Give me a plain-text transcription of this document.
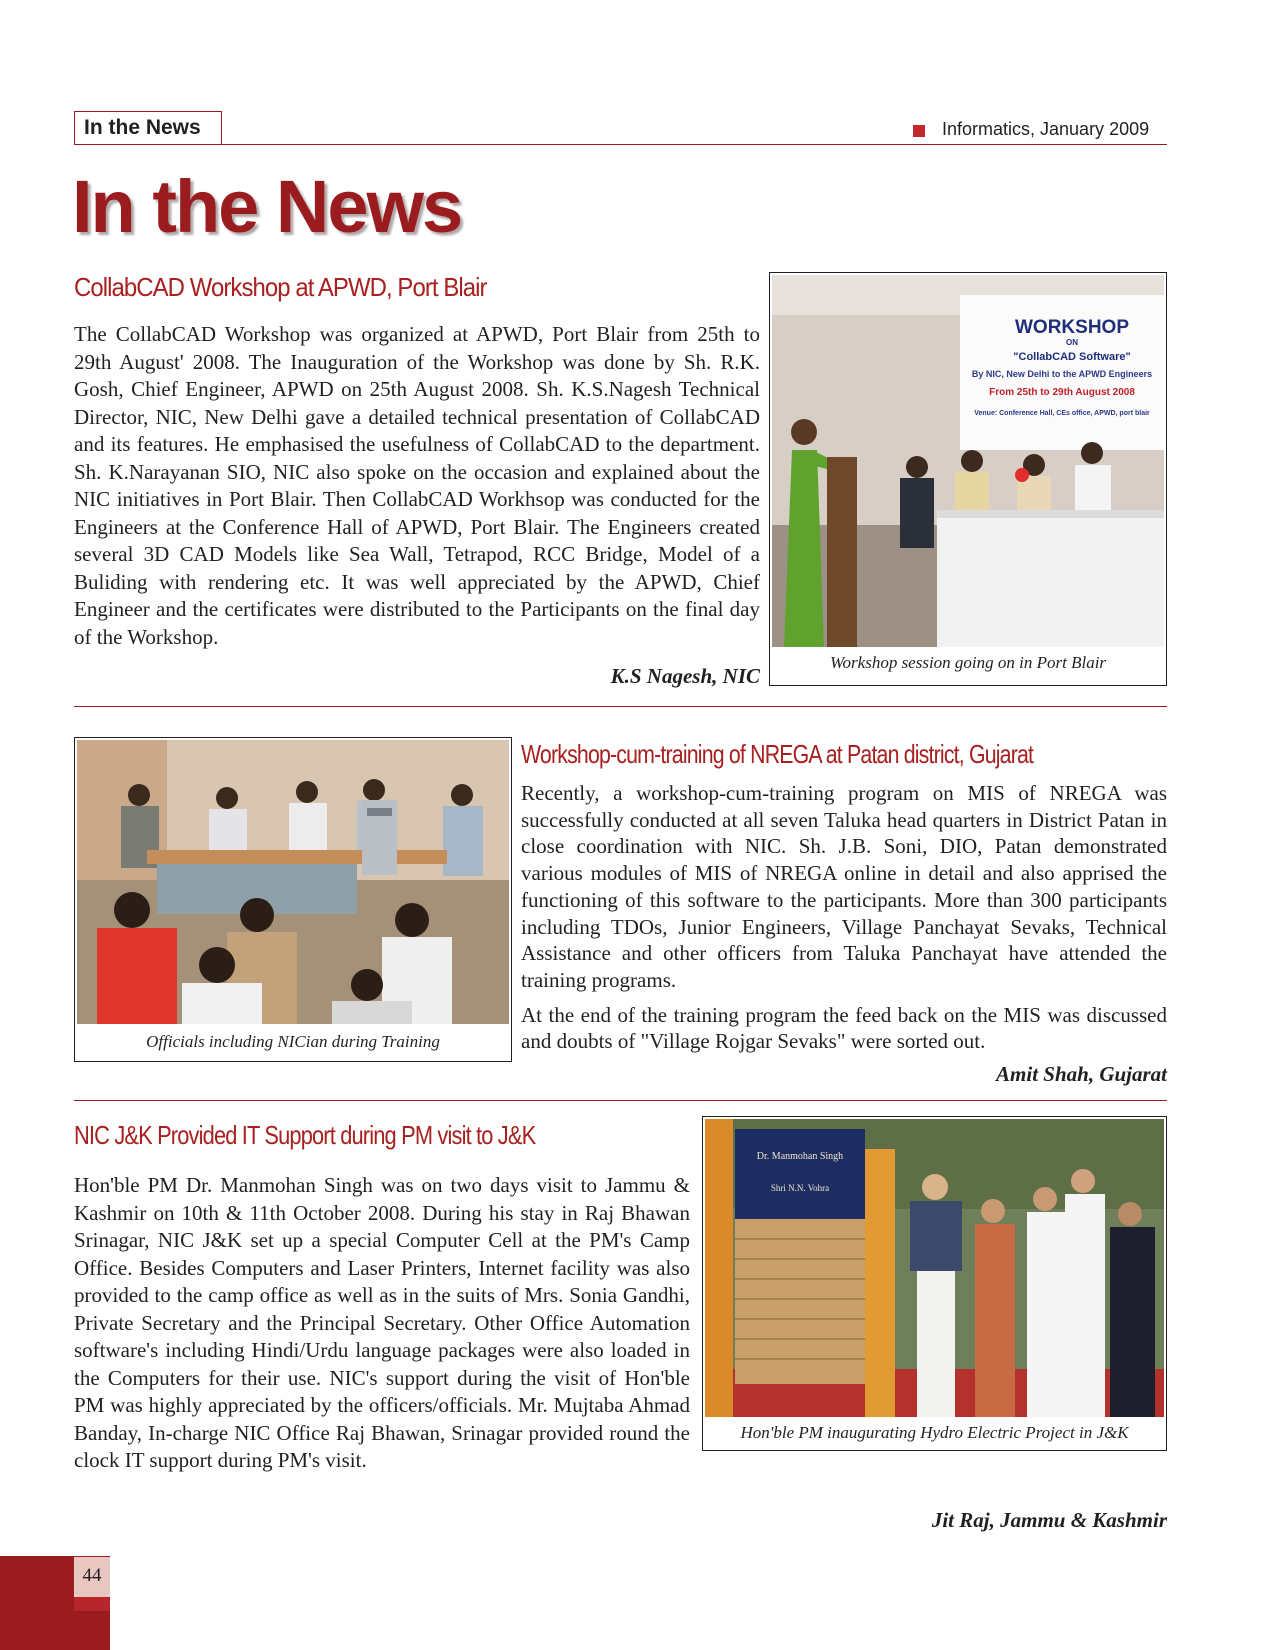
In the News	Informatics, January 2009
In the News
CollabCAD Workshop at APWD, Port Blair

The CollabCAD Workshop was organized at APWD, Port Blair from 25th to 29th August' 2008. The Inauguration of the Workshop was done by Sh. R.K. Gosh, Chief Engineer, APWD on 25th August 2008. Sh. K.S.Nagesh Technical Director, NIC, New Delhi gave a detailed technical presentation of CollabCAD and its features. He emphasised the usefulness of CollabCAD to the department. Sh. K.Narayanan SIO, NIC also spoke on the occasion and explained about the NIC initiatives in Port Blair. Then CollabCAD Workhsop was conducted for the Engineers at the Conference Hall of APWD, Port Blair. The Engineers created several 3D CAD Models like Sea Wall, Tetrapod, RCC Bridge, Model of a Buliding with rendering etc. It was well appreciated by the APWD, Chief Engineer and the certificates were distributed to the Participants on the final day of the Workshop.

K.S Nagesh, NIC
WORKSHOP
ON
"CollabCAD Software"
By NIC, New Delhi to the APWD Engineers
From 25th to 29th August 2008
Venue: Conference Hall, CEs office, APWD, port blair
Workshop session going on in Port Blair
Officials including NICian during Training
Workshop-cum-training of NREGA at Patan district, Gujarat

Recently, a workshop-cum-training program on MIS of NREGA was successfully conducted at all seven Taluka head quarters in District Patan in close coordination with NIC. Sh. J.B. Soni, DIO, Patan demonstrated various modules of MIS of NREGA online in detail and also apprised the functioning of this software to the participants. More than 300 participants including TDOs, Junior Engineers, Village Panchayat Sevaks, Technical Assistance and other officers from Taluka Panchayat have attended the training programs.

At the end of the training program the feed back on the MIS was discussed and doubts of "Village Rojgar Sevaks" were sorted out.

Amit Shah, Gujarat
NIC J&K Provided IT Support during PM visit to J&K

Hon'ble PM Dr. Manmohan Singh was on two days visit to Jammu & Kashmir on 10th & 11th October 2008. During his stay in Raj Bhawan Srinagar, NIC J&K set up a special Computer Cell at the PM's Camp Office. Besides Computers and Laser Printers, Internet facility was also provided to the camp office as well as in the suits of Mrs. Sonia Gandhi, Private Secretary and the Principal Secretary. Other Office Automation software's including Hindi/Urdu language packages were also loaded in the Computers for their use. NIC's support during the visit of Hon'ble PM was highly appreciated by the officers/officials. Mr. Mujtaba Ahmad Banday, In-charge NIC Office Raj Bhawan, Srinagar provided round the clock IT support during PM's visit.

Dr. Manmohan Singh
Shri N.N. Vohra
Hon'ble PM inaugurating Hydro Electric Project in J&K
Jit Raj, Jammu & Kashmir
44
